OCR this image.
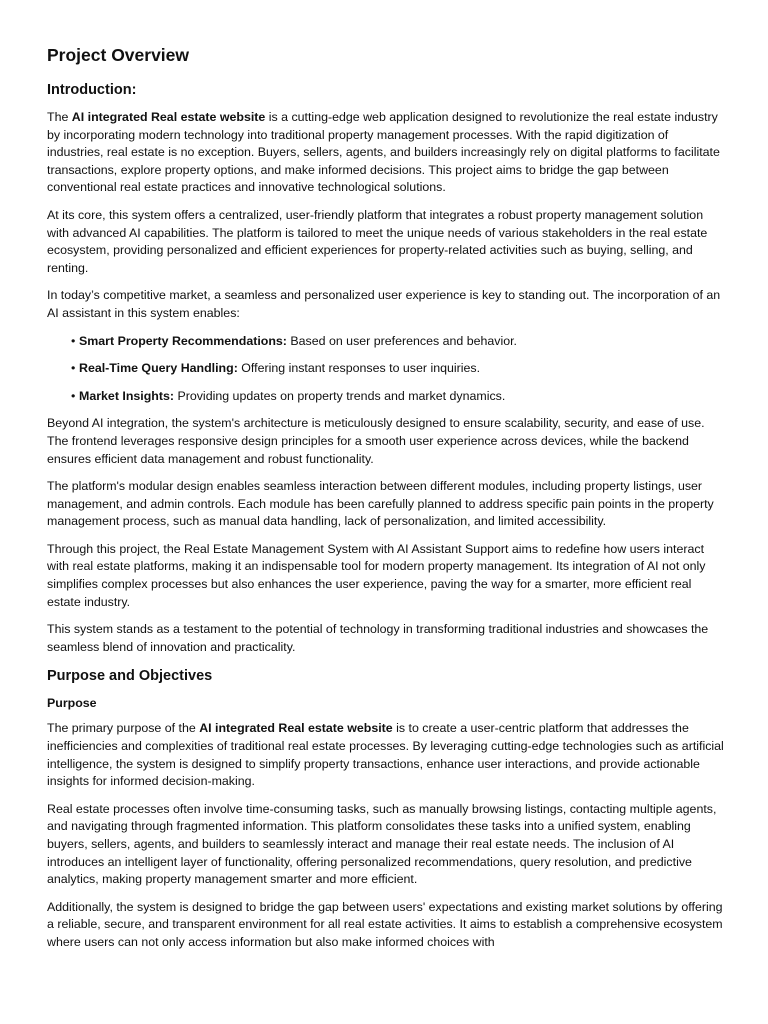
Project Overview
Introduction:

The AI integrated Real estate website is a cutting-edge web application designed to revolutionize the real estate industry by incorporating modern technology into traditional property management processes. With the rapid digitization of industries, real estate is no exception. Buyers, sellers, agents, and builders increasingly rely on digital platforms to facilitate transactions, explore property options, and make informed decisions. This project aims to bridge the gap between conventional real estate practices and innovative technological solutions.

At its core, this system offers a centralized, user-friendly platform that integrates a robust property management solution with advanced AI capabilities. The platform is tailored to meet the unique needs of various stakeholders in the real estate ecosystem, providing personalized and efficient experiences for property-related activities such as buying, selling, and renting.

In today’s competitive market, a seamless and personalized user experience is key to standing out. The incorporation of an AI assistant in this system enables:

• Smart Property Recommendations: Based on user preferences and behavior.
• Real-Time Query Handling: Offering instant responses to user inquiries.
• Market Insights: Providing updates on property trends and market dynamics.

Beyond AI integration, the system's architecture is meticulously designed to ensure scalability, security, and ease of use. The frontend leverages responsive design principles for a smooth user experience across devices, while the backend ensures efficient data management and robust functionality.

The platform's modular design enables seamless interaction between different modules, including property listings, user management, and admin controls. Each module has been carefully planned to address specific pain points in the property management process, such as manual data handling, lack of personalization, and limited accessibility.

Through this project, the Real Estate Management System with AI Assistant Support aims to redefine how users interact with real estate platforms, making it an indispensable tool for modern property management. Its integration of AI not only simplifies complex processes but also enhances the user experience, paving the way for a smarter, more efficient real estate industry.

This system stands as a testament to the potential of technology in transforming traditional industries and showcases the seamless blend of innovation and practicality.

Purpose and Objectives
Purpose

The primary purpose of the AI integrated Real estate website is to create a user-centric platform that addresses the inefficiencies and complexities of traditional real estate processes. By leveraging cutting-edge technologies such as artificial intelligence, the system is designed to simplify property transactions, enhance user interactions, and provide actionable insights for informed decision-making.

Real estate processes often involve time-consuming tasks, such as manually browsing listings, contacting multiple agents, and navigating through fragmented information. This platform consolidates these tasks into a unified system, enabling buyers, sellers, agents, and builders to seamlessly interact and manage their real estate needs. The inclusion of AI introduces an intelligent layer of functionality, offering personalized recommendations, query resolution, and predictive analytics, making property management smarter and more efficient.

Additionally, the system is designed to bridge the gap between users' expectations and existing market solutions by offering a reliable, secure, and transparent environment for all real estate activities. It aims to establish a comprehensive ecosystem where users can not only access information but also make informed choices with
